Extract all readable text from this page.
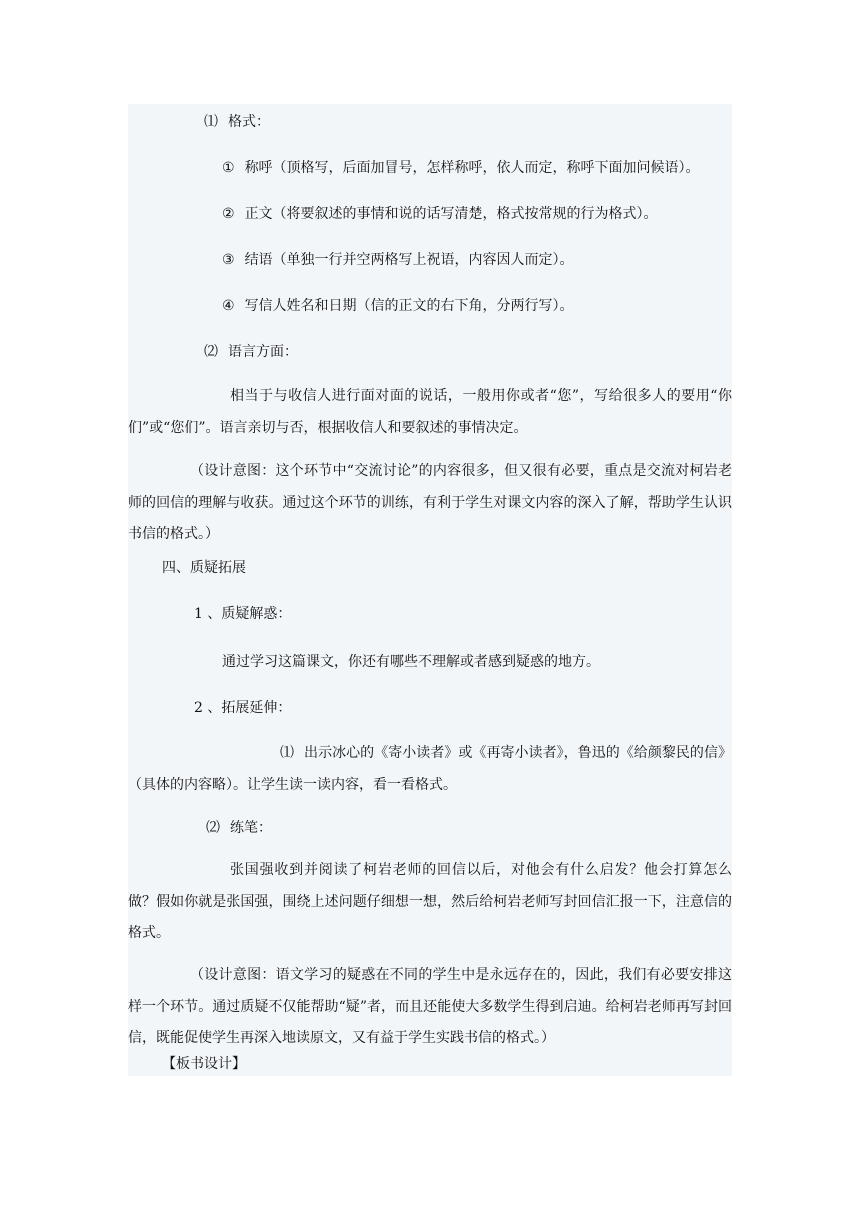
⑴ 格式：
① 称呼（顶格写，后面加冒号，怎样称呼，依人而定，称呼下面加问候语）。
② 正文（将要叙述的事情和说的话写清楚，格式按常规的行为格式）。
③ 结语（单独一行并空两格写上祝语，内容因人而定）。
④ 写信人姓名和日期（信的正文的右下角，分两行写）。
⑵ 语言方面：
相当于与收信人进行面对面的说话，一般用你或者“您”，写给很多人的要用“你们”或“您们”。语言亲切与否，根据收信人和要叙述的事情决定。
（设计意图：这个环节中“交流讨论”的内容很多，但又很有必要，重点是交流对柯岩老师的回信的理解与收获。通过这个环节的训练，有利于学生对课文内容的深入了解，帮助学生认识书信的格式。）
四、质疑拓展
1 、质疑解惑：
通过学习这篇课文，你还有哪些不理解或者感到疑惑的地方。
2 、拓展延伸：
⑴ 出示冰心的《寄小读者》或《再寄小读者》，鲁迅的《给颜黎民的信》（具体的内容略）。让学生读一读内容，看一看格式。
⑵ 练笔：
张国强收到并阅读了柯岩老师的回信以后，对他会有什么启发？他会打算怎么做？假如你就是张国强，围绕上述问题仔细想一想，然后给柯岩老师写封回信汇报一下，注意信的格式。
（设计意图：语文学习的疑惑在不同的学生中是永远存在的，因此，我们有必要安排这样一个环节。通过质疑不仅能帮助“疑”者，而且还能使大多数学生得到启迪。给柯岩老师再写封回信，既能促使学生再深入地读原文，又有益于学生实践书信的格式。）
【板书设计】
